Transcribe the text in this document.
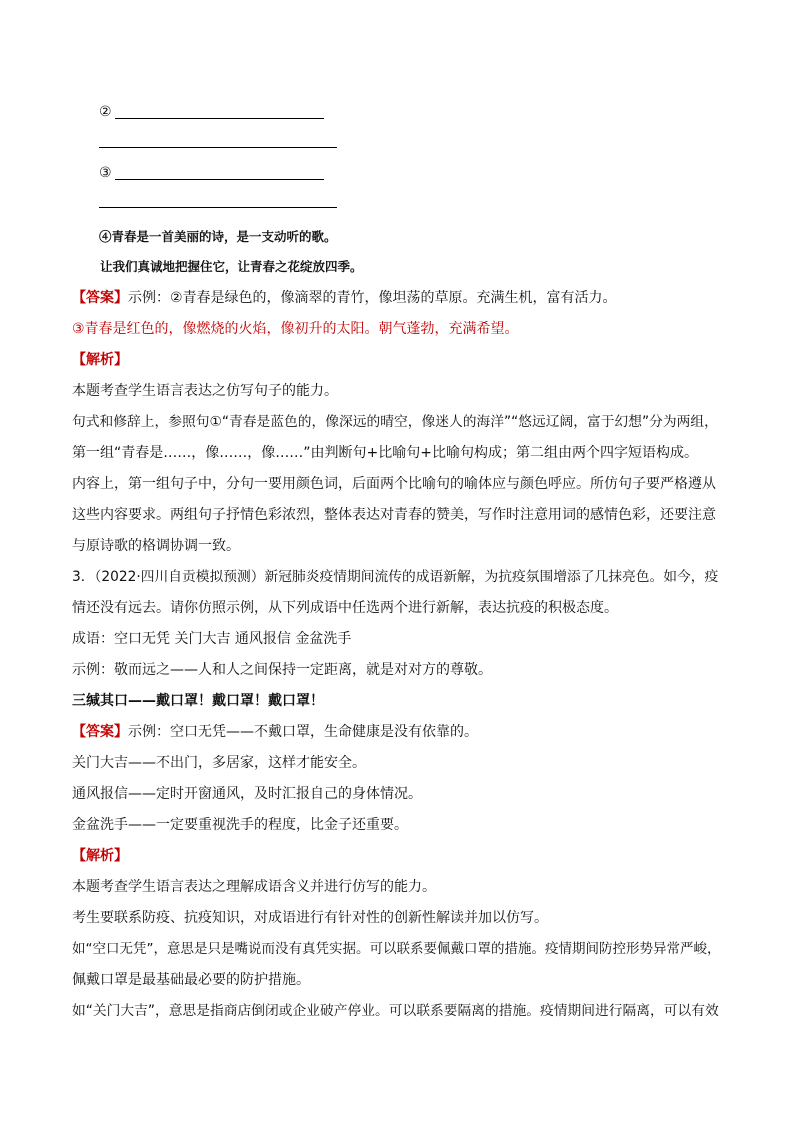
②
③
④青春是一首美丽的诗，是一支动听的歌。
让我们真诚地把握住它，让青春之花绽放四季。
【答案】示例：②青春是绿色的，像滴翠的青竹，像坦荡的草原。充满生机，富有活力。
③青春是红色的，像燃烧的火焰，像初升的太阳。朝气蓬勃，充满希望。
【解析】
本题考查学生语言表达之仿写句子的能力。
句式和修辞上，参照句①“青春是蓝色的，像深远的晴空，像迷人的海洋”“悠远辽阔，富于幻想”分为两组，
第一组“青春是……，像……，像……”由判断句+比喻句+比喻句构成；第二组由两个四字短语构成。
内容上，第一组句子中，分句一要用颜色词，后面两个比喻句的喻体应与颜色呼应。所仿句子要严格遵从
这些内容要求。两组句子抒情色彩浓烈，整体表达对青春的赞美，写作时注意用词的感情色彩，还要注意
与原诗歌的格调协调一致。
3．（2022·四川自贡模拟预测）新冠肺炎疫情期间流传的成语新解，为抗疫氛围增添了几抹亮色。如今，疫
情还没有远去。请你仿照示例，从下列成语中任选两个进行新解，表达抗疫的积极态度。
成语：空口无凭 关门大吉 通风报信 金盆洗手
示例：敬而远之——人和人之间保持一定距离，就是对对方的尊敬。
三缄其口——戴口罩！戴口罩！戴口罩！
【答案】示例：空口无凭——不戴口罩，生命健康是没有依靠的。
关门大吉——不出门，多居家，这样才能安全。
通风报信——定时开窗通风，及时汇报自己的身体情况。
金盆洗手——一定要重视洗手的程度，比金子还重要。
【解析】
本题考查学生语言表达之理解成语含义并进行仿写的能力。
考生要联系防疫、抗疫知识，对成语进行有针对性的创新性解读并加以仿写。
如“空口无凭”，意思是只是嘴说而没有真凭实据。可以联系要佩戴口罩的措施。疫情期间防控形势异常严峻，
佩戴口罩是最基础最必要的防护措施。
如“关门大吉”，意思是指商店倒闭或企业破产停业。可以联系要隔离的措施。疫情期间进行隔离，可以有效
